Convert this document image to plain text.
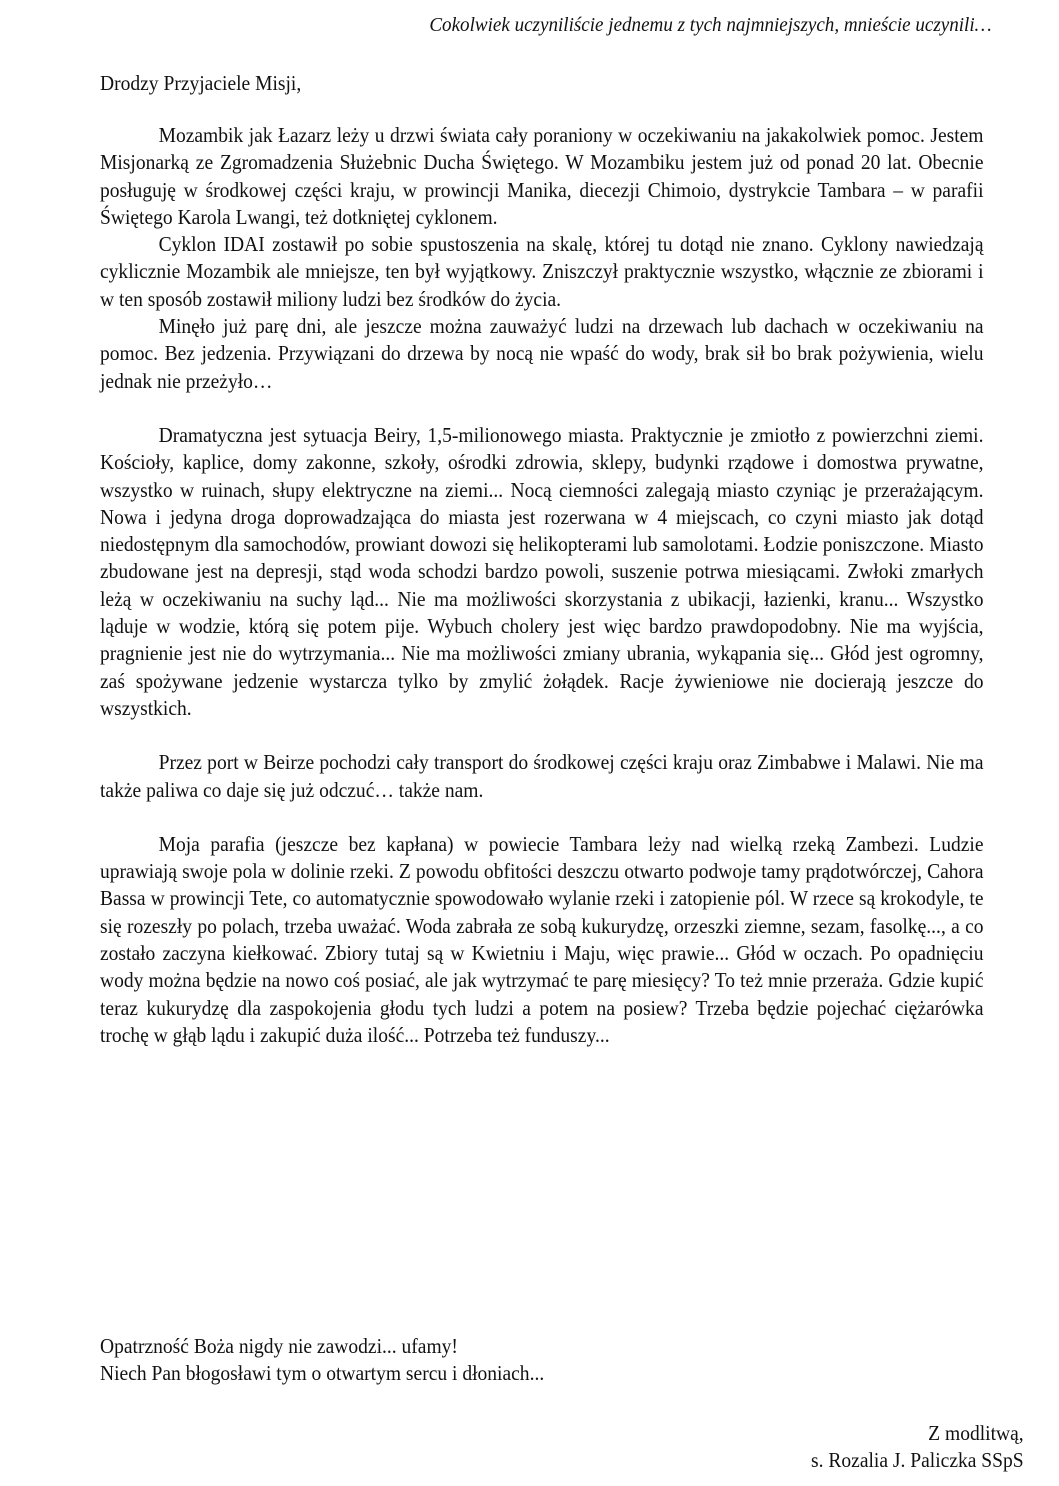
Cokolwiek uczyniliście jednemu z tych najmniejszych, mnieście uczynili…
Drodzy Przyjaciele Misji,

Mozambik jak Łazarz leży u drzwi świata cały poraniony w oczekiwaniu na jakakolwiek pomoc. Jestem Misjonarką ze Zgromadzenia Służebnic Ducha Świętego. W Mozambiku jestem już od ponad 20 lat. Obecnie posługuję w środkowej części kraju, w prowincji Manika, diecezji Chimoio, dystrykcie Tambara – w parafii Świętego Karola Lwangi, też dotkniętej cyklonem.

Cyklon IDAI zostawił po sobie spustoszenia na skalę, której tu dotąd nie znano. Cyklony nawiedzają cyklicznie Mozambik ale mniejsze, ten był wyjątkowy. Zniszczył praktycznie wszystko, włącznie ze zbiorami i w ten sposób zostawił miliony ludzi bez środków do życia.

Minęło już parę dni, ale jeszcze można zauważyć ludzi na drzewach lub dachach w oczekiwaniu na pomoc. Bez jedzenia. Przywiązani do drzewa by nocą nie wpaść do wody, brak sił bo brak pożywienia, wielu jednak nie przeżyło…

Dramatyczna jest sytuacja Beiry, 1,5-milionowego miasta. Praktycznie je zmiotło z powierzchni ziemi. Kościoły, kaplice, domy zakonne, szkoły, ośrodki zdrowia, sklepy, budynki rządowe i domostwa prywatne, wszystko w ruinach, słupy elektryczne na ziemi... Nocą ciemności zalegają miasto czyniąc je przerażającym. Nowa i jedyna droga doprowadzająca do miasta jest rozerwana w 4 miejscach, co czyni miasto jak dotąd niedostępnym dla samochodów, prowiant dowozi się helikopterami lub samolotami. Łodzie poniszczone. Miasto zbudowane jest na depresji, stąd woda schodzi bardzo powoli, suszenie potrwa miesiącami. Zwłoki zmarłych leżą w oczekiwaniu na suchy ląd... Nie ma możliwości skorzystania z ubikacji, łazienki, kranu... Wszystko ląduje w wodzie, którą się potem pije. Wybuch cholery jest więc bardzo prawdopodobny. Nie ma wyjścia, pragnienie jest nie do wytrzymania... Nie ma możliwości zmiany ubrania, wykąpania się... Głód jest ogromny, zaś spożywane jedzenie wystarcza tylko by zmylić żołądek. Racje żywieniowe nie docierają jeszcze do wszystkich.

Przez port w Beirze pochodzi cały transport do środkowej części kraju oraz Zimbabwe i Malawi. Nie ma także paliwa co daje się już odczuć… także nam.

Moja parafia (jeszcze bez kapłana) w powiecie Tambara leży nad wielką rzeką Zambezi. Ludzie uprawiają swoje pola w dolinie rzeki. Z powodu obfitości deszczu otwarto podwoje tamy prądotwórczej, Cahora Bassa w prowincji Tete, co automatycznie spowodowało wylanie rzeki i zatopienie pól. W rzece są krokodyle, te się rozeszły po polach, trzeba uważać. Woda zabrała ze sobą kukurydzę, orzeszki ziemne, sezam, fasolkę..., a co zostało zaczyna kiełkować. Zbiory tutaj są w Kwietniu i Maju, więc prawie... Głód w oczach. Po opadnięciu wody można będzie na nowo coś posiać, ale jak wytrzymać te parę miesięcy? To też mnie przeraża. Gdzie kupić teraz kukurydzę dla zaspokojenia głodu tych ludzi a potem na posiew? Trzeba będzie pojechać ciężarówka trochę w głąb lądu i zakupić duża ilość... Potrzeba też funduszy...

Opatrzność Boża nigdy nie zawodzi... ufamy!
Niech Pan błogosławi tym o otwartym sercu i dłoniach...
Z modlitwą,
s. Rozalia J. Paliczka SSpS
